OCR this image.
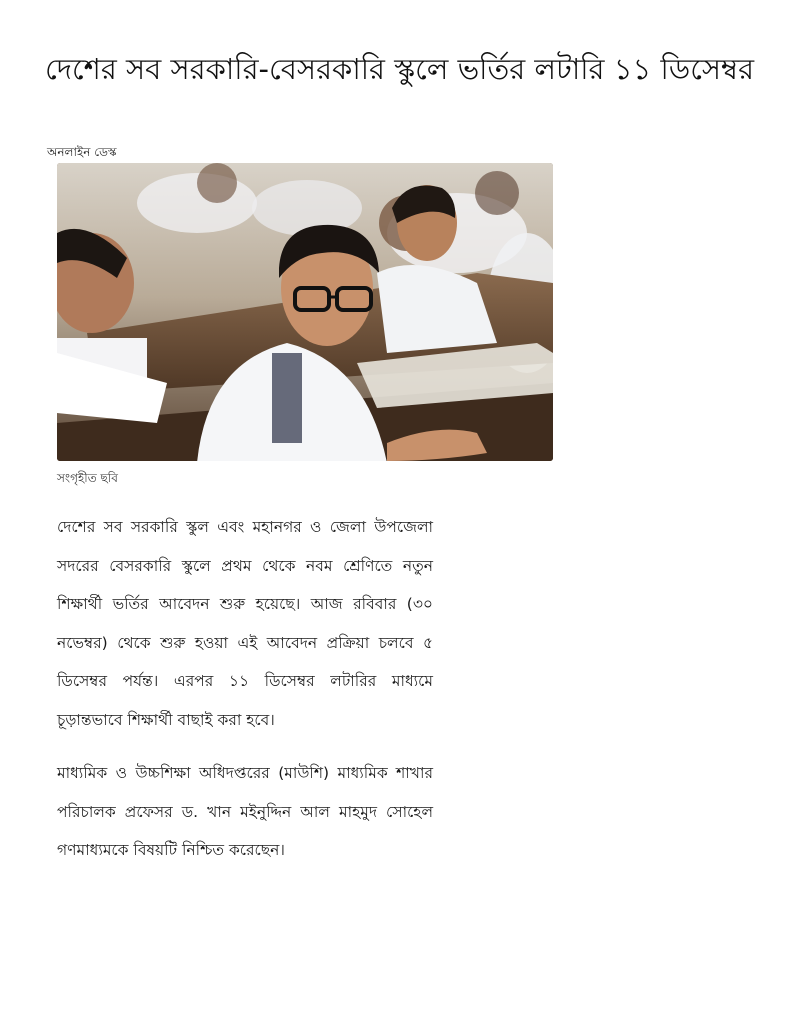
দেশের সব সরকারি-বেসরকারি স্কুলে ভর্তির লটারি ১১ ডিসেম্বর
অনলাইন ডেস্ক
সংগৃহীত ছবি

দেশের সব সরকারি স্কুল এবং মহানগর ও জেলা উপজেলা সদরের বেসরকারি স্কুলে প্রথম থেকে নবম শ্রেণিতে নতুন শিক্ষার্থী ভর্তির আবেদন শুরু হয়েছে। আজ রবিবার (৩০ নভেম্বর) থেকে শুরু হওয়া এই আবেদন প্রক্রিয়া চলবে ৫ ডিসেম্বর পর্যন্ত। এরপর ১১ ডিসেম্বর লটারির মাধ্যমে চূড়ান্তভাবে শিক্ষার্থী বাছাই করা হবে।

মাধ্যমিক ও উচ্চশিক্ষা অধিদপ্তরের (মাউশি) মাধ্যমিক শাখার পরিচালক প্রফেসর ড. খান মইনুদ্দিন আল মাহমুদ সোহেল গণমাধ্যমকে বিষয়টি নিশ্চিত করেছেন।
